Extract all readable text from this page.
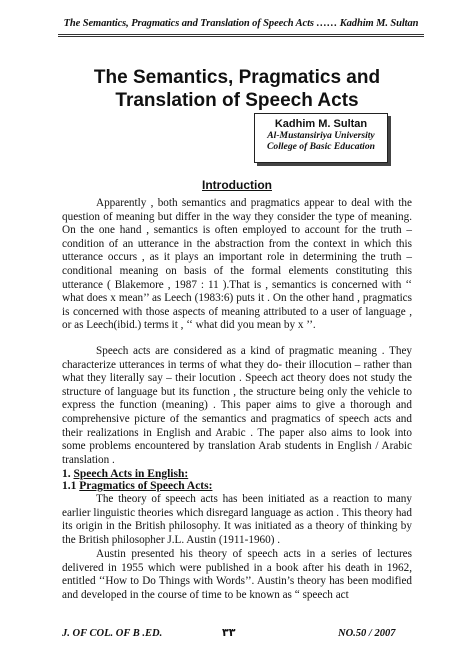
The Semantics, Pragmatics and Translation of Speech Acts …… Kadhim M. Sultan
The Semantics, Pragmatics and
Translation of Speech Acts
Kadhim M. Sultan
Al-Mustansiriya University
College of Basic Education
Introduction

Apparently , both semantics and pragmatics appear to deal with the question of meaning but differ in the way they consider the type of meaning. On the one hand , semantics is often employed to account for the truth – condition of an utterance in the abstraction from the context in which this utterance occurs , as it plays an important role in determining the truth – conditional meaning on basis of the formal elements constituting this utterance ( Blakemore , 1987 : 11 ).That is , semantics is concerned with ‘‘ what does x mean’’ as Leech (1983:6) puts it . On the other hand , pragmatics is concerned with those aspects of meaning attributed to a user of language , or as Leech(ibid.) terms it , ‘‘ what did you mean by x ’’.

Speech acts are considered as a kind of pragmatic meaning . They characterize utterances in terms of what they do- their illocution – rather than what they literally say – their locution . Speech act theory does not study the structure of language but its function , the structure being only the vehicle to express the function (meaning) . This paper aims to give a thorough and comprehensive picture of the semantics and pragmatics of speech acts and their realizations in English and Arabic . The paper also aims to look into some problems encountered by translation Arab students in English / Arabic translation .

1. Speech Acts in English:
1.1 Pragmatics of Speech Acts:

The theory of speech acts has been initiated as a reaction to many earlier linguistic theories which disregard language as action . This theory had its origin in the British philosophy. It was initiated as a theory of thinking by the British philosopher J.L. Austin (1911-1960) .

Austin presented his theory of speech acts in a series of lectures delivered in 1955 which were published in a book after his death in 1962, entitled ‘‘How to Do Things with Words’’. Austin’s theory has been modified and developed in the course of time to be known as “ speech act

J. OF COL. OF B .ED.	٣٣	NO.50 / 2007
